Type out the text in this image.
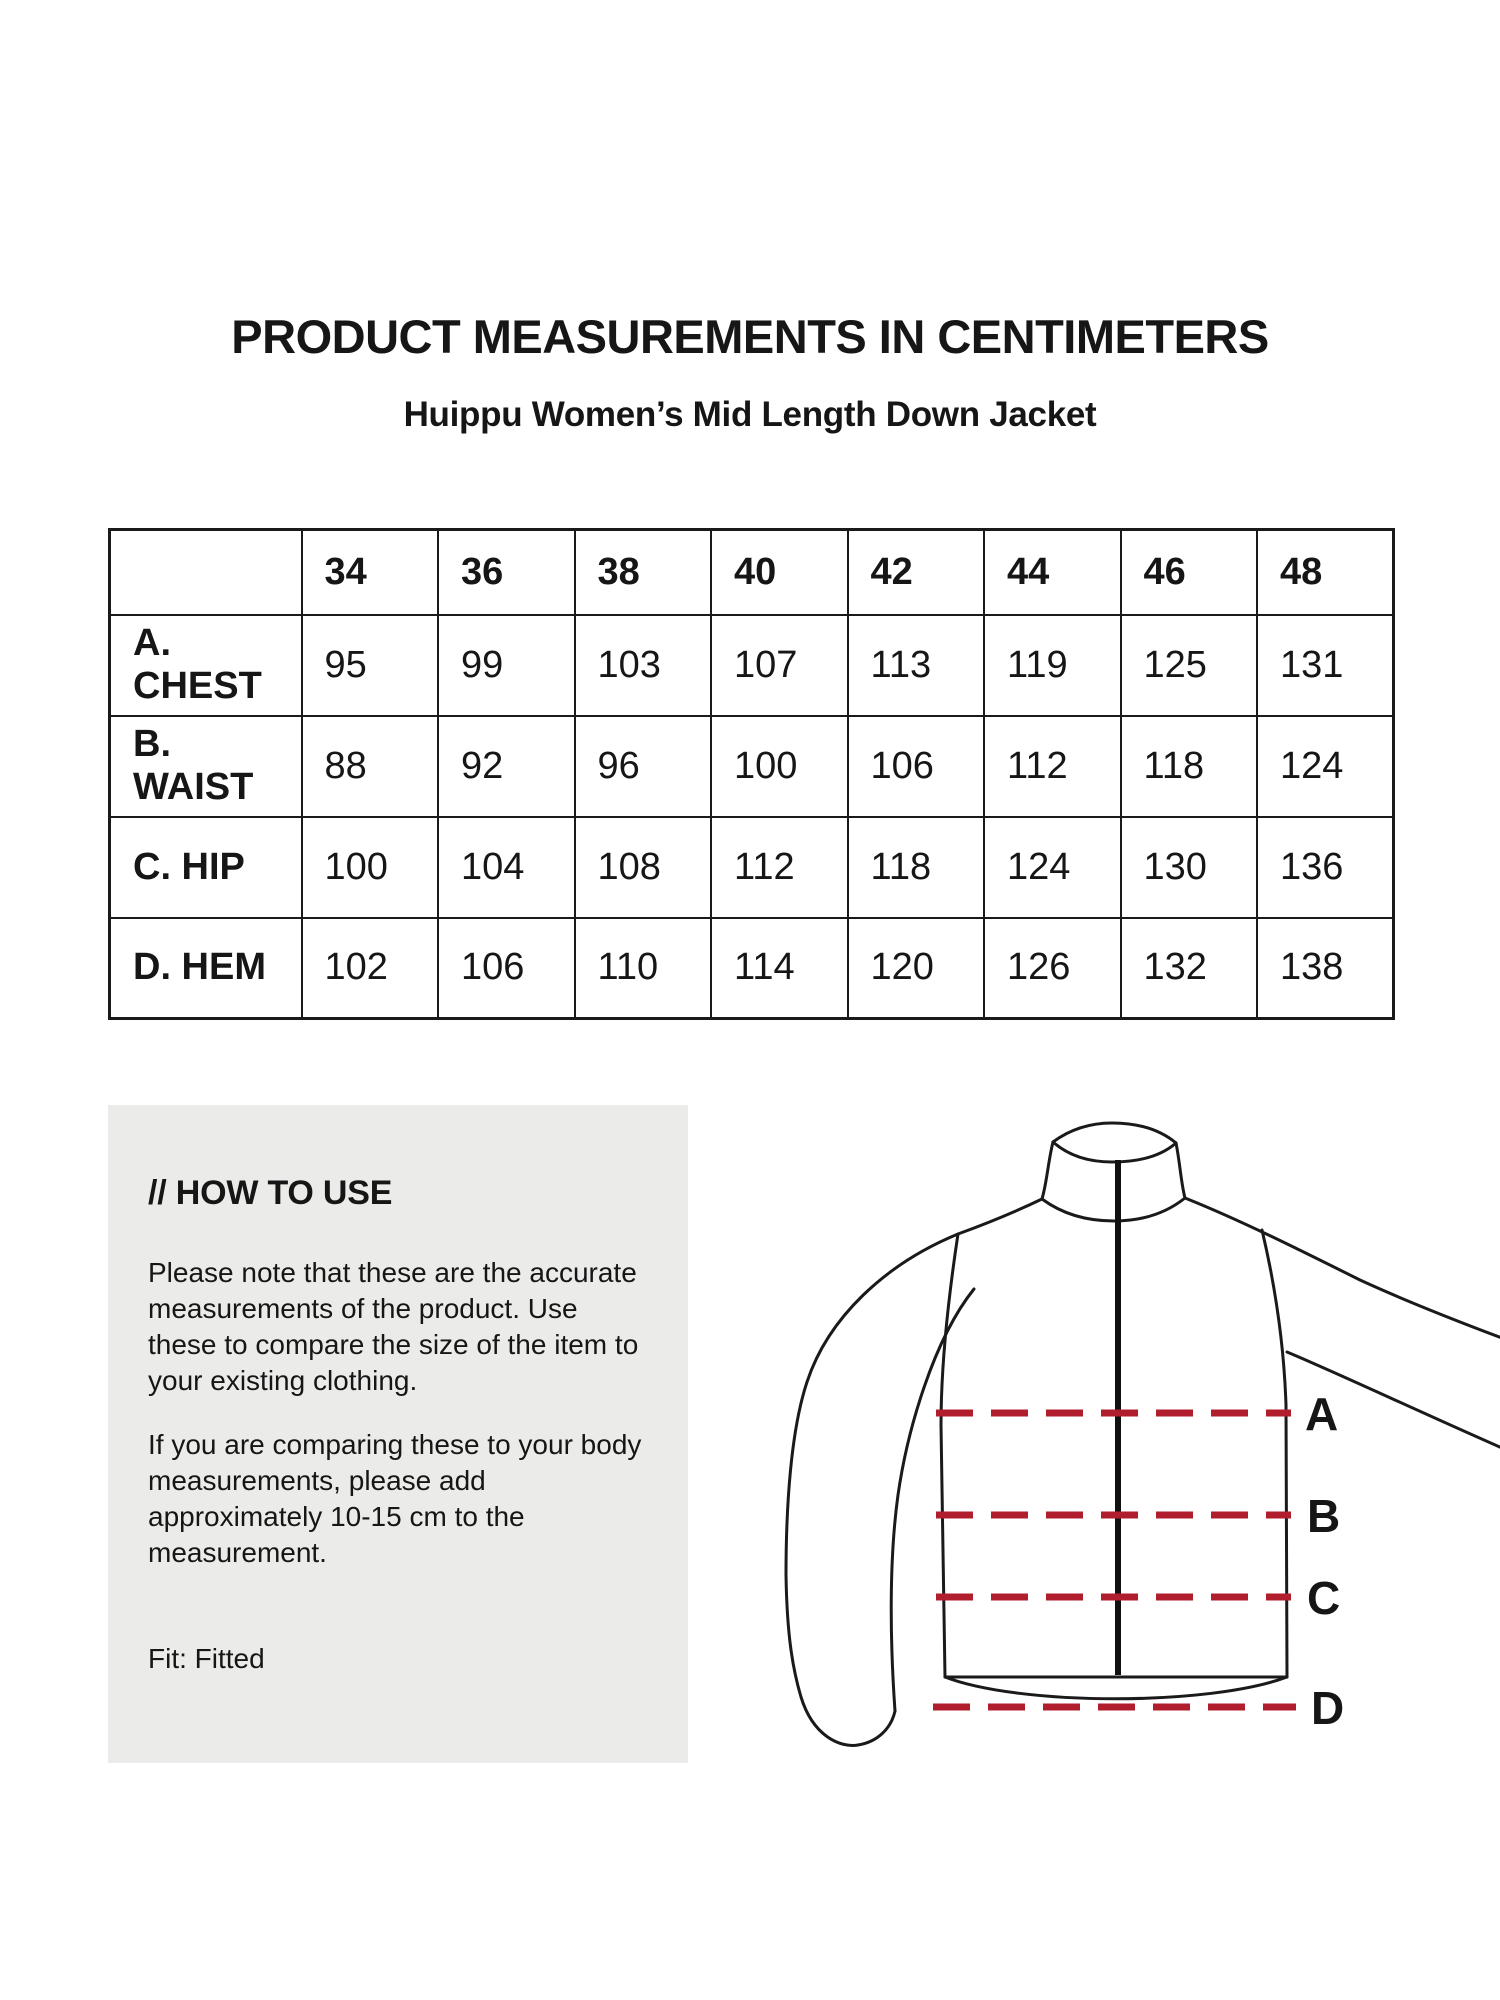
PRODUCT MEASUREMENTS IN CENTIMETERS
Huippu Women’s Mid Length Down Jacket
	34	36	38	40	42	44	46	48
A. CHEST	95	99	103	107	113	119	125	131
B. WAIST	88	92	96	100	106	112	118	124
C. HIP	100	104	108	112	118	124	130	136
D. HEM	102	106	110	114	120	126	132	138
// HOW TO USE

Please note that these are the accurate measurements of the product. Use these to compare the size of the item to your existing clothing.

If you are comparing these to your body measurements, please add approximately 10-15 cm to the measurement.

Fit: Fitted

A
B
C
D
